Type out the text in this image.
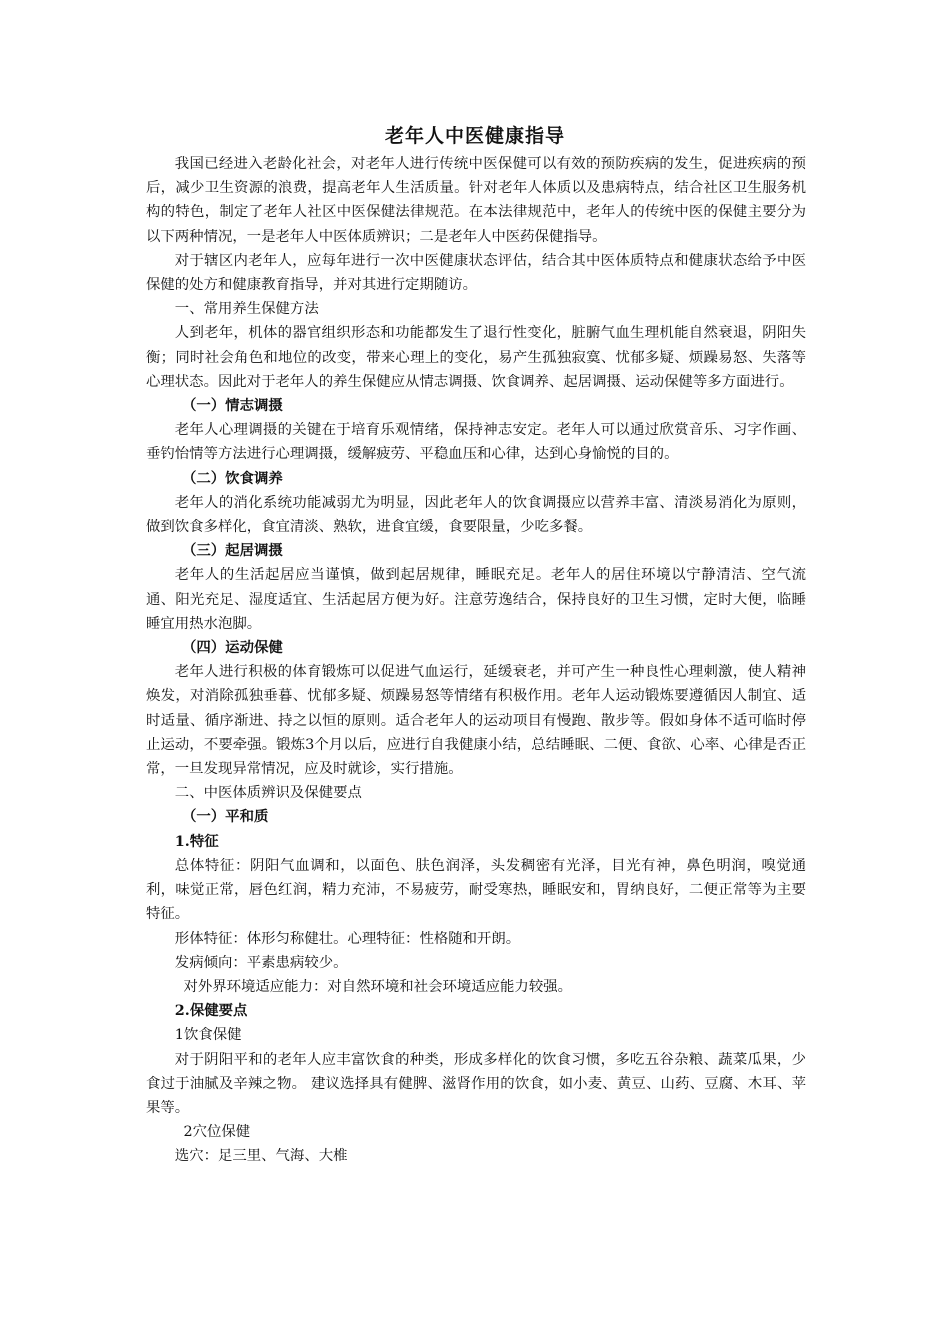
老年人中医健康指导

我国已经进入老龄化社会，对老年人进行传统中医保健可以有效的预防疾病的发生，促进疾病的预后，减少卫生资源的浪费，提高老年人生活质量。针对老年人体质以及患病特点，结合社区卫生服务机构的特色，制定了老年人社区中医保健法律规范。在本法律规范中，老年人的传统中医的保健主要分为以下两种情况，一是老年人中医体质辨识；二是老年人中医药保健指导。

对于辖区内老年人，应每年进行一次中医健康状态评估，结合其中医体质特点和健康状态给予中医保健的处方和健康教育指导，并对其进行定期随访。

一、常用养生保健方法

人到老年，机体的器官组织形态和功能都发生了退行性变化，脏腑气血生理机能自然衰退，阴阳失衡；同时社会角色和地位的改变，带来心理上的变化，易产生孤独寂寞、忧郁多疑、烦躁易怒、失落等心理状态。因此对于老年人的养生保健应从情志调摄、饮食调养、起居调摄、运动保健等多方面进行。

（一）情志调摄

老年人心理调摄的关键在于培育乐观情绪，保持神志安定。老年人可以通过欣赏音乐、习字作画、垂钓怡情等方法进行心理调摄，缓解疲劳、平稳血压和心律，达到心身愉悦的目的。

（二）饮食调养

老年人的消化系统功能减弱尤为明显，因此老年人的饮食调摄应以营养丰富、清淡易消化为原则，做到饮食多样化，食宜清淡、熟软，进食宜缓，食要限量，少吃多餐。

（三）起居调摄

老年人的生活起居应当谨慎，做到起居规律，睡眠充足。老年人的居住环境以宁静清洁、空气流通、阳光充足、湿度适宜、生活起居方便为好。注意劳逸结合，保持良好的卫生习惯，定时大便，临睡睡宜用热水泡脚。

（四）运动保健

老年人进行积极的体育锻炼可以促进气血运行，延缓衰老，并可产生一种良性心理刺激，使人精神焕发，对消除孤独垂暮、忧郁多疑、烦躁易怒等情绪有积极作用。老年人运动锻炼要遵循因人制宜、适时适量、循序渐进、持之以恒的原则。适合老年人的运动项目有慢跑、散步等。假如身体不适可临时停止运动，不要牵强。锻炼3个月以后，应进行自我健康小结，总结睡眠、二便、食欲、心率、心律是否正常，一旦发现异常情况，应及时就诊，实行措施。

二、中医体质辨识及保健要点

（一）平和质

1.特征

总体特征：阴阳气血调和，以面色、肤色润泽，头发稠密有光泽，目光有神，鼻色明润，嗅觉通利，味觉正常，唇色红润，精力充沛，不易疲劳，耐受寒热，睡眠安和，胃纳良好，二便正常等为主要特征。

形体特征：体形匀称健壮。心理特征：性格随和开朗。

发病倾向：平素患病较少。

对外界环境适应能力：对自然环境和社会环境适应能力较强。

2.保健要点

1饮食保健

对于阴阳平和的老年人应丰富饮食的种类，形成多样化的饮食习惯，多吃五谷杂粮、蔬菜瓜果，少食过于油腻及辛辣之物。 建议选择具有健脾、滋肾作用的饮食，如小麦、黄豆、山药、豆腐、木耳、苹果等。

2穴位保健

选穴：足三里、气海、大椎
